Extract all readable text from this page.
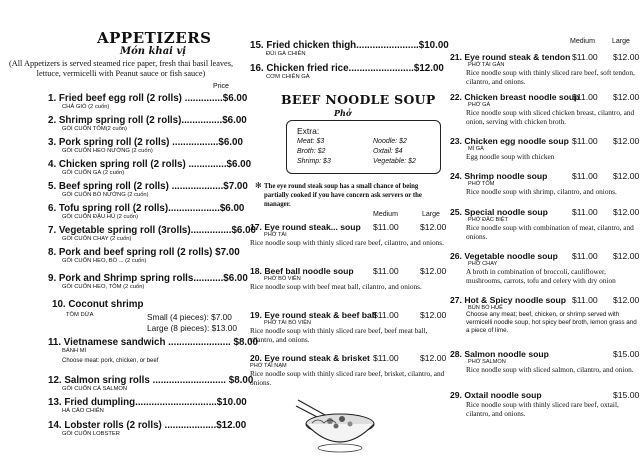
APPETIZERS
Món khai vị
(All Appetizers is served steamed rice paper, fresh thai basil leaves, lettuce, vermicelli with Peanut sauce or fish sauce)
Price
1. Fried beef egg roll (2 rolls) ..............$6.00
CHẢ GIÒ (2 cuốn)
2. Shrimp spring roll (2 rolls)...............$6.00
GỎI CUỐN TÔM(2 cuốn)
3. Pork spring roll (2 rolls) .................$6.00
GỎI CUỐN HEO NƯỚNG (2 cuốn)
4. Chicken spring roll (2 rolls) ..............$6.00
GỎI CUỐN GÀ (2 cuốn)
5. Beef spring roll (2 rolls) ...................$7.00
GỎI CUỐN BÒ NƯỚNG (2 cuốn)
6. Tofu spring roll (2 rolls)...................$6.00
GỎI CUỐN ĐẬU HỦ (2 cuốn)
7. Vegetable spring roll (3rolls)...............$6.00
GỎI CUỐN CHAY (2 cuốn)
8. Pork and beef spring roll (2 rolls) $7.00
GỎI CUỐN HEO, BÒ ... (2 cuốn)
9. Pork and Shrimp spring rolls...........$6.00
GỎI CUỐN HEO, TÔM (2 cuốn)
10. Coconut shrimp
TÔM DỪA	Small (4 pieces): $7.00
Large (8 pieces): $13.00
11. Vietnamese sandwich ....................... $8.00
BÁNH MÌ
Choose meat: pork, chicken, or beef
12. Salmon sring rolls ........................... $8.00
GỎI CUỐN CÁ SALMON
13. Fried dumpling..............................$10.00
HÁ CẢO CHIÊN
14. Lobster rolls (2 rolls) ...................$12.00
GỎI CUỐN LOBSTER
15. Fried chicken thigh.......................$10.00
ĐÙI GÀ CHIÊN
16. Chicken fried rice........................$12.00
CƠM CHIÊN GÀ
BEEF NOODLE SOUP
Phở
Extra:
Meat: $3	Noodle: $2
Broth: $2	Oxtail: $4
Shrimp: $3	Vegetable: $2
✻ The eye round steak soup has a small chance of being partially cooked if you have concern ask servers or the manager.
Medium	Large
17. Eye round steak... soup $11.00 $12.00
PHỞ TÁI
Rice noodle soup with thinly sliced rare beef, cilantro, and onions.
18. Beef ball noodle soup $11.00 $12.00
PHỞ BÒ VIÊN
Rice noodle soup with beef meat ball, cilantro, and onions.
19. Eye round steak & beef ball
$11.00 $12.00
PHỞ TÁI BÒ VIÊN
Rice noodle soup with thinly sliced rare beef, beef meat ball, cilantro, and onions.
20. Eye round steak & brisket $11.00 $12.00
PHỞ TÁI NẠM
Rice noodle soup with thinly sliced rare beef, brisket, cilantro, and onions.
Medium Large
21. Eye round steak & tendon $11.00 $12.00
PHỞ TÁI GÂN
Rice noodle soup with thinly sliced rare beef, soft tendon, cilantro, and onions.
22. Chicken breast noodle soup
$11.00 $12.00
PHỞ GÀ
Rice noodle soup with sliced chicken breast, cilantro, and onion, serving with chicken broth.
23. Chicken egg noodle soup $11.00 $12.00
MÌ GÀ
Egg noodle soup with chicken
24. Shrimp noodle soup	$11.00 $12.00
PHỞ TÔM
Rice noodle soup with shrimp, cilantro, and onions.
25. Special noodle soup	$11.00 $12.00
PHỞ ĐẶC BIỆT
Rice noodle soup with combination of meat, cilantro, and onions.
26. Vegetable noodle soup $11.00 $12.00
PHỞ CHAY
A broth in combination of broccoli, cauliflower, mushrooms, carrots, tofu and celery with dry onion
27. Hot & Spicy noodle soup $11.00 $12.00
BÚN BÒ HUẾ
Choose any meat; beef, chicken, or shrimp served with vermicelli noodle soup, hot spicy beef broth, lemon grass and a piece of lime.
28. Salmon noodle soup	$15.00
PHỞ SALMON
Rice noodle soup with sliced salmon, cilantro, and onion.
29. Oxtail noodle soup	$15.00
Rice noodle soup with thinly sliced rare beef, oxtail, cilantro, and onions.
